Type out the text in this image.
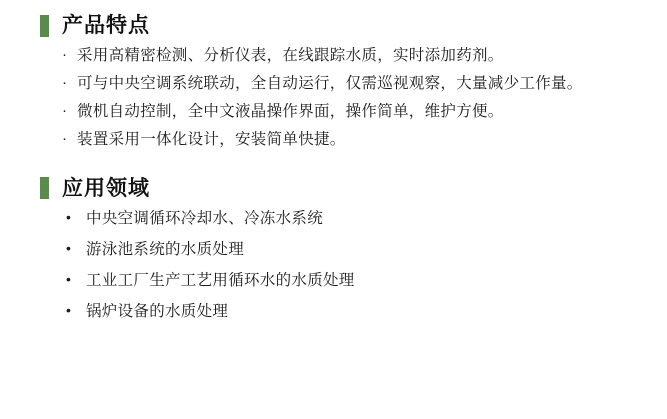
产品特点
· 采用高精密检测、分析仪表，在线跟踪水质，实时添加药剂。
· 可与中央空调系统联动，全自动运行，仅需巡视观察，大量减少工作量。
· 微机自动控制，全中文液晶操作界面，操作简单，维护方便。
· 装置采用一体化设计，安装简单快捷。
应用领域
• 中央空调循环冷却水、冷冻水系统
• 游泳池系统的水质处理
• 工业工厂生产工艺用循环水的水质处理
• 锅炉设备的水质处理
